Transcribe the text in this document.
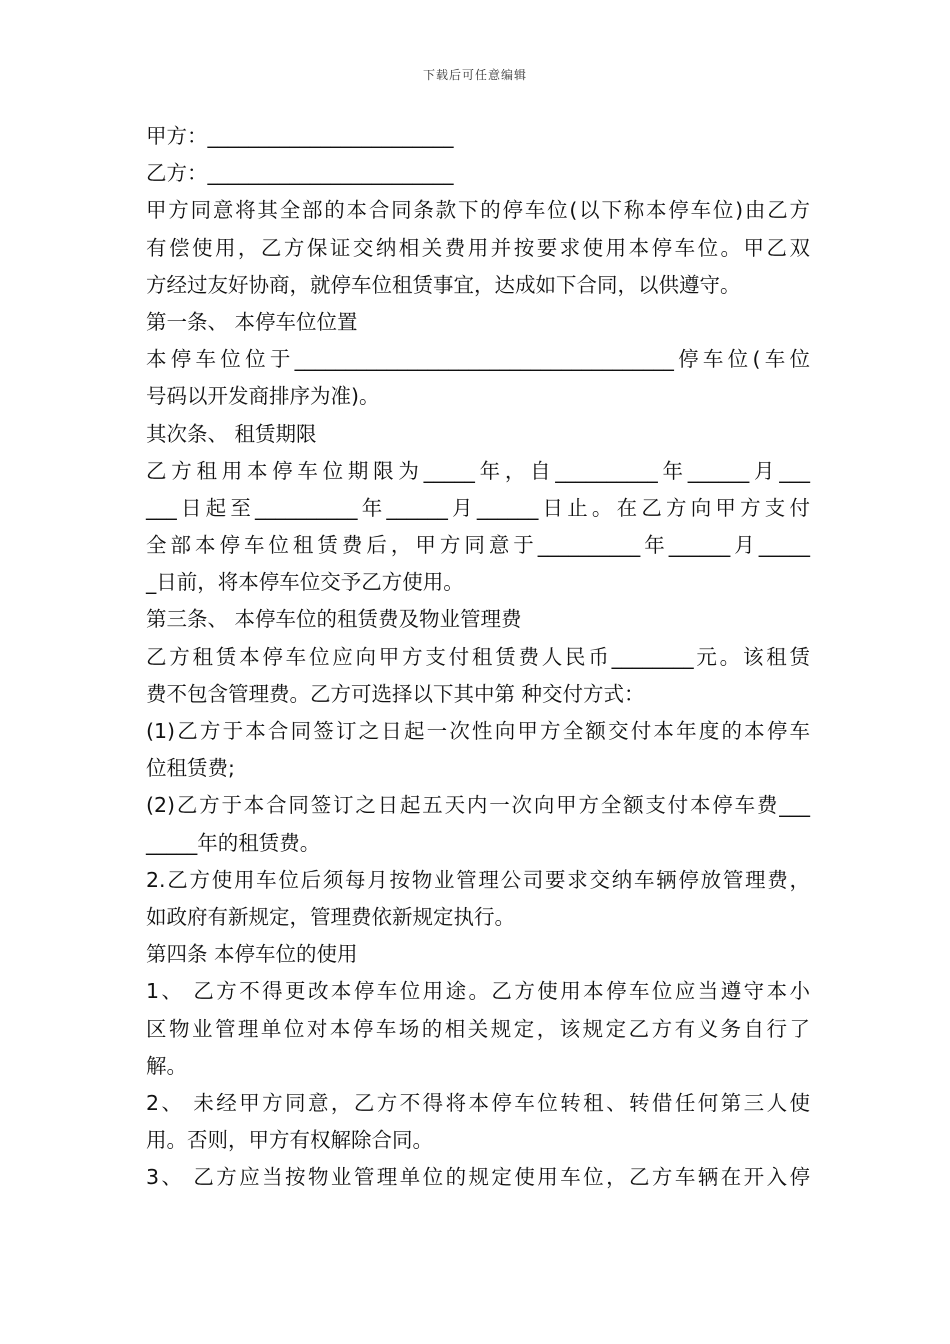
下载后可任意编辑
甲方：________________________
乙方：________________________
甲方同意将其全部的本合同条款下的停车位(以下称本停车位)由乙方
有偿使用，乙方保证交纳相关费用并按要求使用本停车位。甲乙双
方经过友好协商，就停车位租赁事宜，达成如下合同，以供遵守。
第一条、 本停车位位置
本停车位位于_____________________________________停车位(车位
号码以开发商排序为准)。
其次条、 租赁期限
乙方租用本停车位期限为_____年，自__________年______月___
___日起至__________年______月______日止。在乙方向甲方支付
全部本停车位租赁费后，甲方同意于__________年______月_____
_日前，将本停车位交予乙方使用。
第三条、 本停车位的租赁费及物业管理费
乙方租赁本停车位应向甲方支付租赁费人民币________元。该租赁
费不包含管理费。乙方可选择以下其中第 种交付方式：
(1)乙方于本合同签订之日起一次性向甲方全额交付本年度的本停车
位租赁费;
(2)乙方于本合同签订之日起五天内一次向甲方全额支付本停车费___
_____年的租赁费。
2.乙方使用车位后须每月按物业管理公司要求交纳车辆停放管理费，
如政府有新规定，管理费依新规定执行。
第四条 本停车位的使用
1、 乙方不得更改本停车位用途。乙方使用本停车位应当遵守本小
区物业管理单位对本停车场的相关规定，该规定乙方有义务自行了
解。
2、 未经甲方同意，乙方不得将本停车位转租、转借任何第三人使
用。否则，甲方有权解除合同。
3、 乙方应当按物业管理单位的规定使用车位，乙方车辆在开入停
